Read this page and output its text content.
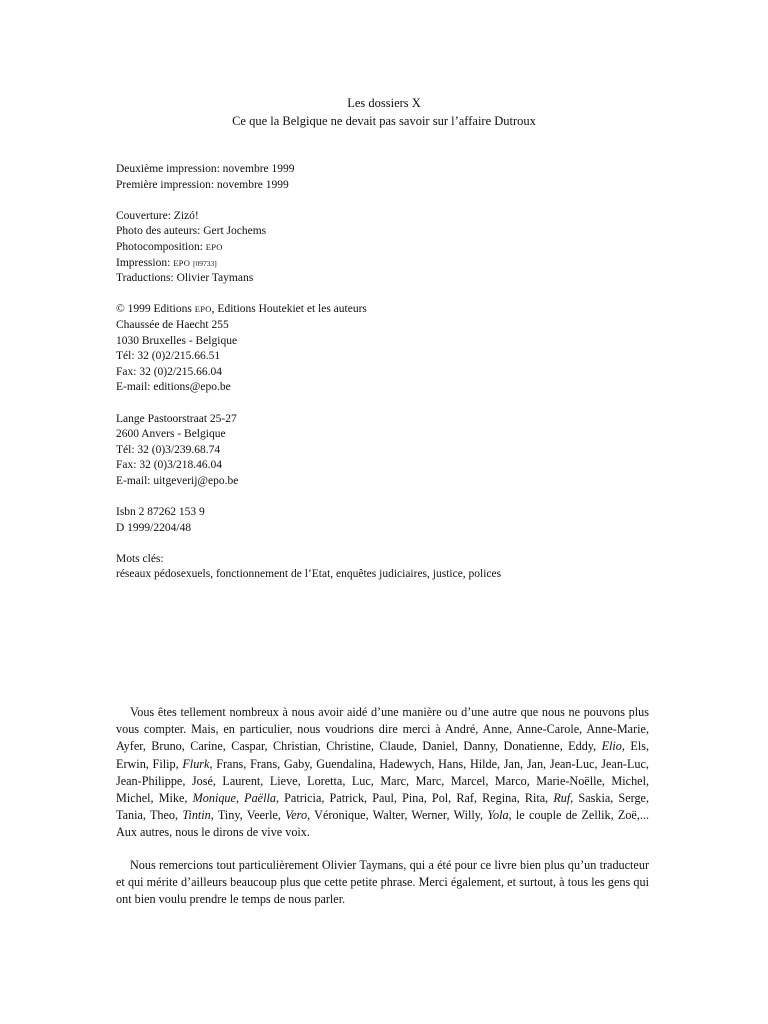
Les dossiers X
Ce que la Belgique ne devait pas savoir sur l’affaire Dutroux
Deuxième impression: novembre 1999
Première impression: novembre 1999
Couverture: Zizó!
Photo des auteurs: Gert Jochems
Photocomposition: EPO
Impression: EPO [09733]
Traductions: Olivier Taymans
© 1999 Editions EPO, Editions Houtekiet et les auteurs
Chaussée de Haecht 255
1030 Bruxelles - Belgique
Tél: 32 (0)2/215.66.51
Fax: 32 (0)2/215.66.04
E-mail: editions@epo.be
Lange Pastoorstraat 25-27
2600 Anvers - Belgique
Tél: 32 (0)3/239.68.74
Fax: 32 (0)3/218.46.04
E-mail: uitgeverij@epo.be
Isbn 2 87262 153 9
D 1999/2204/48
Mots clés:
réseaux pédosexuels, fonctionnement de l’Etat, enquêtes judiciaires, justice, polices

Vous êtes tellement nombreux à nous avoir aidé d’une manière ou d’une autre que nous ne pouvons plus vous compter. Mais, en particulier, nous voudrions dire merci à André, Anne, Anne-Carole, Anne-Marie, Ayfer, Bruno, Carine, Caspar, Christian, Christine, Claude, Daniel, Danny, Donatienne, Eddy, Elio, Els, Erwin, Filip, Flurk, Frans, Frans, Gaby, Guendalina, Hadewych, Hans, Hilde, Jan, Jan, Jean-Luc, Jean-Luc, Jean-Philippe, José, Laurent, Lieve, Loretta, Luc, Marc, Marc, Marcel, Marco, Marie-Noëlle, Michel, Michel, Mike, Monique, Paëlla, Patricia, Patrick, Paul, Pina, Pol, Raf, Regina, Rita, Ruf, Saskia, Serge, Tania, Theo, Tintin, Tiny, Veerle, Vero, Véronique, Walter, Werner, Willy, Yola, le couple de Zellik, Zoë,... Aux autres, nous le dirons de vive voix.

Nous remercions tout particulièrement Olivier Taymans, qui a été pour ce livre bien plus qu’un traducteur et qui mérite d’ailleurs beaucoup plus que cette petite phrase. Merci également, et surtout, à tous les gens qui ont bien voulu prendre le temps de nous parler.
